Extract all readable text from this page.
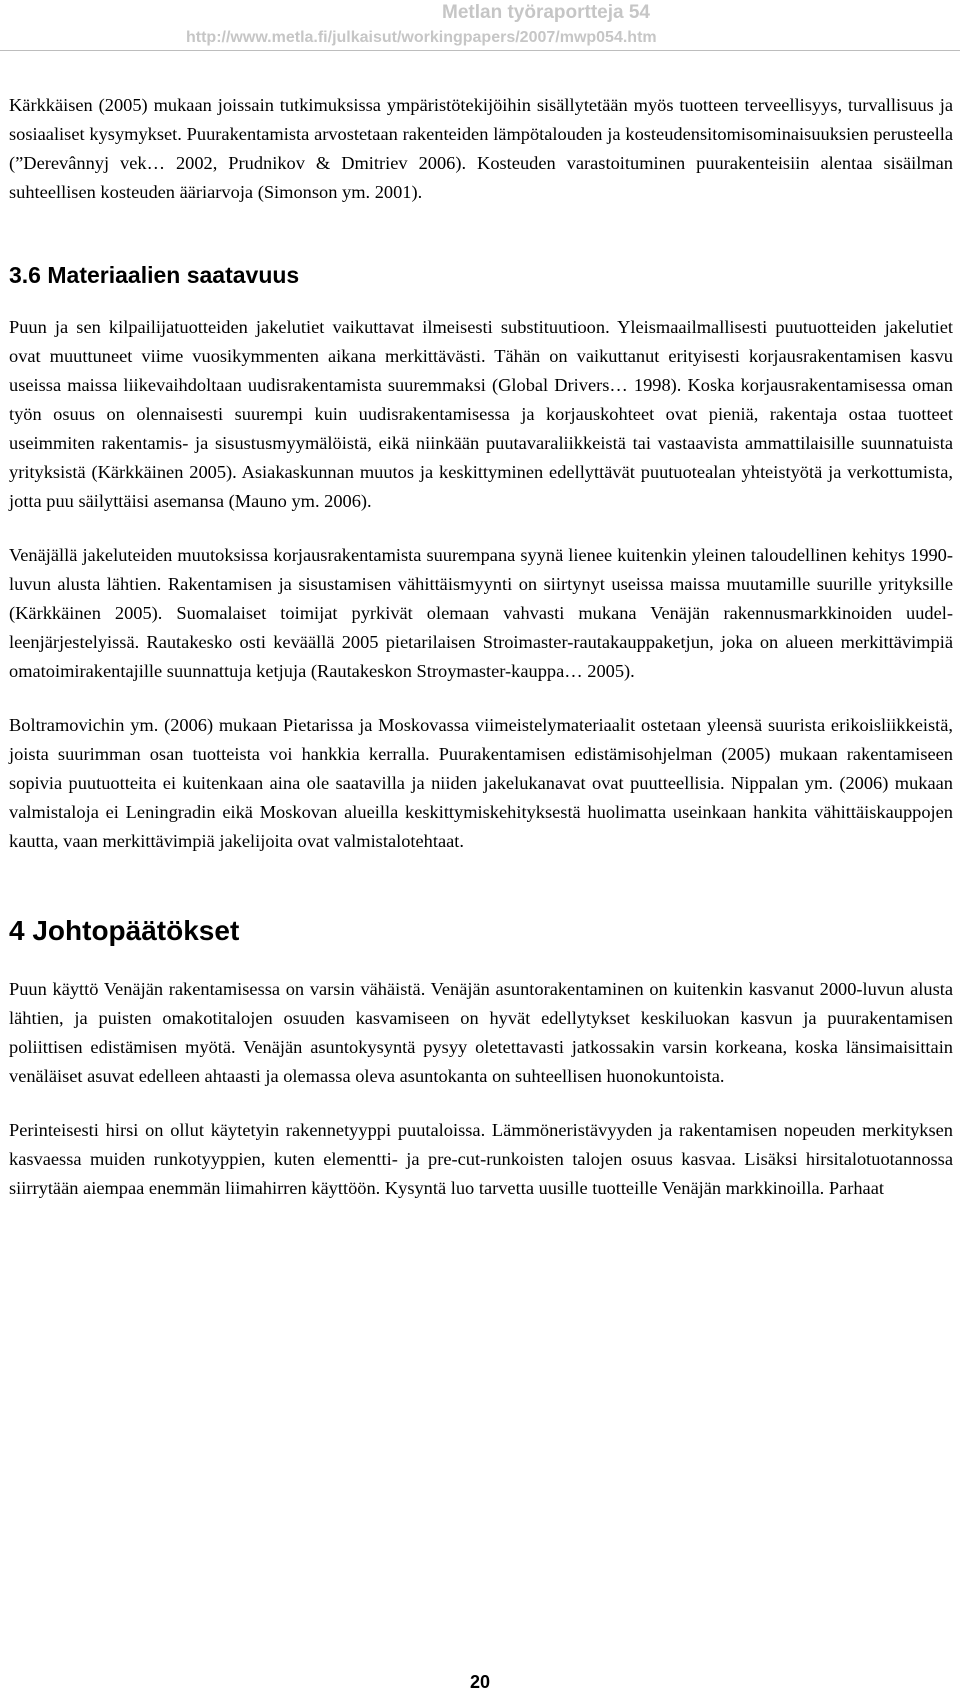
Metlan työraportteja 54
http://www.metla.fi/julkaisut/workingpapers/2007/mwp054.htm

Kärkkäisen (2005) mukaan joissain tutkimuksissa ympäristötekijöihin sisällytetään myös tuotteen terveellisyys, turvallisuus ja sosiaaliset kysymykset. Puurakentamista arvostetaan rakenteiden lämpötalouden ja kosteudensitomisominaisuuksien perusteella (”Derevânnyj vek… 2002, Prudnikov & Dmitriev 2006). Kosteuden varastoituminen puurakenteisiin alentaa sisäilman suhteellisen kosteuden ääriarvoja (Simonson ym. 2001).

3.6 Materiaalien saatavuus

Puun ja sen kilpailijatuotteiden jakelutiet vaikuttavat ilmeisesti substituutioon. Yleismaailmallisesti puutuotteiden jakelutiet ovat muuttuneet viime vuosikymmenten aikana merkittävästi. Tähän on vaikuttanut erityisesti korjausrakentamisen kasvu useissa maissa liikevaihdoltaan uudisrakentamista suuremmaksi (Global Drivers… 1998). Koska korjausrakentamisessa oman työn osuus on olennaisesti suurempi kuin uudisrakentamisessa ja korjauskohteet ovat pieniä, rakentaja ostaa tuotteet useimmiten rakentamis- ja sisustusmyymälöistä, eikä niinkään puutavaraliikkeistä tai vastaavista ammattilaisille suunnatuista yrityksistä (Kärkkäinen 2005). Asiakaskunnan muutos ja keskittyminen edellyttävät puutuotealan yhteistyötä ja verkottumista, jotta puu säilyttäisi asemansa (Mauno ym. 2006).

Venäjällä jakeluteiden muutoksissa korjausrakentamista suurempana syynä lienee kuitenkin yleinen taloudellinen kehitys 1990-luvun alusta lähtien. Rakentamisen ja sisustamisen vähittäismyynti on siirtynyt useissa maissa muutamille suurille yrityksille (Kärkkäinen 2005). Suomalaiset toimijat pyrkivät olemaan vahvasti mukana Venäjän rakennusmarkkinoiden uudelleenjärjestelyissä. Rautakesko osti keväällä 2005 pietarilaisen Stroimaster-rautakauppaketjun, joka on alueen merkittävimpiä omatoimirakentajille suunnattuja ketjuja (Rautakeskon Stroymaster-kauppa… 2005).

Boltramovichin ym. (2006) mukaan Pietarissa ja Moskovassa viimeistelymateriaalit ostetaan yleensä suurista erikoisliikkeistä, joista suurimman osan tuotteista voi hankkia kerralla. Puurakentamisen edistämisohjelman (2005) mukaan rakentamiseen sopivia puutuotteita ei kuitenkaan aina ole saatavilla ja niiden jakelukanavat ovat puutteellisia. Nippalan ym. (2006) mukaan valmistaloja ei Leningradin eikä Moskovan alueilla keskittymiskehityksestä huolimatta useinkaan hankita vähittäiskauppojen kautta, vaan merkittävimpiä jakelijoita ovat valmistalotehtaat.

4 Johtopäätökset

Puun käyttö Venäjän rakentamisessa on varsin vähäistä. Venäjän asuntorakentaminen on kuitenkin kasvanut 2000-luvun alusta lähtien, ja puisten omakotitalojen osuuden kasvamiseen on hyvät edellytykset keskiluokan kasvun ja puurakentamisen poliittisen edistämisen myötä. Venäjän asuntokysyntä pysyy oletettavasti jatkossakin varsin korkeana, koska länsimaisittain venäläiset asuvat edelleen ahtaasti ja olemassa oleva asuntokanta on suhteellisen huonokuntoista.

Perinteisesti hirsi on ollut käytetyin rakennetyyppi puutaloissa. Lämmöneristävyyden ja rakentamisen nopeuden merkityksen kasvaessa muiden runkotyyppien, kuten elementti- ja pre-cut-runkoisten talojen osuus kasvaa. Lisäksi hirsitalotuotannossa siirrytään aiempaa enemmän liimahirren käyttöön. Kysyntä luo tarvetta uusille tuotteille Venäjän markkinoilla. Parhaat

20
